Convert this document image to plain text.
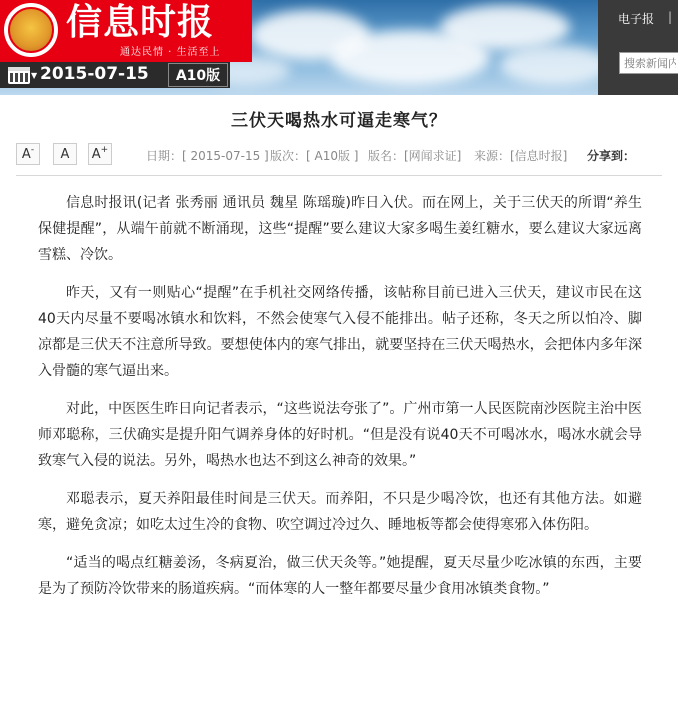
信息时报
通达民情 · 生活至上
电子报 |
搜索新闻内
▼ 2015-07-15	A10版
三伏天喝热水可逼走寒气？
A- A A+	日期：[ 2015-07-15 ] 版次：[ A10版 ] 版名：[网闻求证] 来源：[信息时报] 分享到：

信息时报讯(记者 张秀丽 通讯员 魏星 陈瑶璇)昨日入伏。而在网上，关于三伏天的所谓“养生保健提醒”，从端午前就不断涌现，这些“提醒”要么建议大家多喝生姜红糖水，要么建议大家远离雪糕、冷饮。

昨天，又有一则贴心“提醒”在手机社交网络传播，该帖称目前已进入三伏天，建议市民在这40天内尽量不要喝冰镇水和饮料，不然会使寒气入侵不能排出。帖子还称，冬天之所以怕冷、脚凉都是三伏天不注意所导致。要想使体内的寒气排出，就要坚持在三伏天喝热水，会把体内多年深入骨髓的寒气逼出来。

对此，中医医生昨日向记者表示，“这些说法夸张了”。广州市第一人民医院南沙医院主治中医师邓聪称，三伏确实是提升阳气调养身体的好时机。“但是没有说40天不可喝冰水，喝冰水就会导致寒气入侵的说法。另外，喝热水也达不到这么神奇的效果。”

邓聪表示，夏天养阳最佳时间是三伏天。而养阳，不只是少喝冷饮，也还有其他方法。如避寒，避免贪凉；如吃太过生冷的食物、吹空调过冷过久、睡地板等都会使得寒邪入体伤阳。

“适当的喝点红糖姜汤，冬病夏治，做三伏天灸等。”她提醒，夏天尽量少吃冰镇的东西，主要是为了预防冷饮带来的肠道疾病。“而体寒的人一整年都要尽量少食用冰镇类食物。”
